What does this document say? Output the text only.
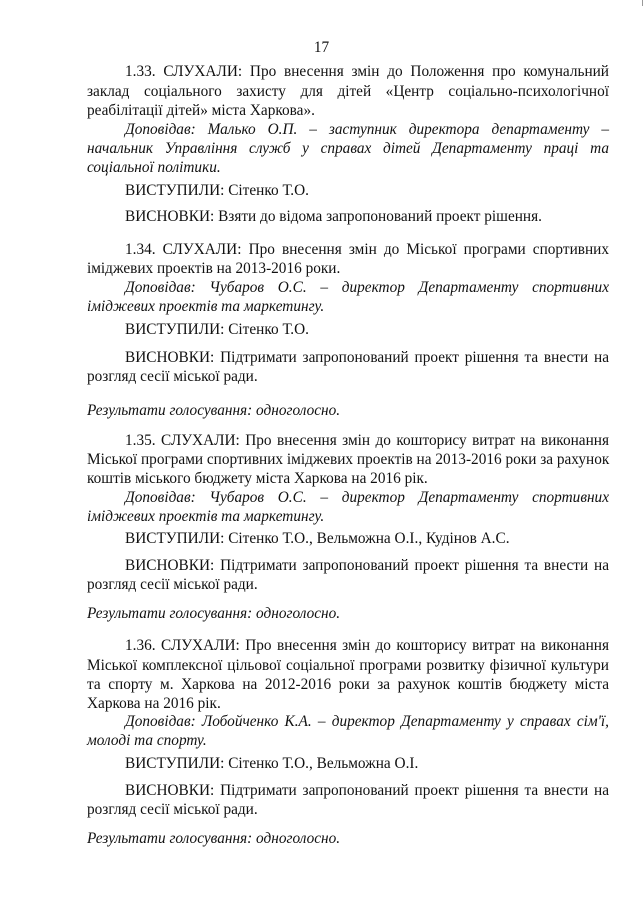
17
1.33. СЛУХАЛИ: Про внесення змін до Положення про комунальний
заклад соціального захисту для дітей «Центр соціально-психологічної
реабілітації дітей» міста Харкова».
Доповідав: Малько О.П. – заступник директора департаменту –
начальник Управління служб у справах дітей Департаменту праці та
соціальної політики.
ВИСТУПИЛИ: Сітенко Т.О.
ВИСНОВКИ: Взяти до відома запропонований проект рішення.
1.34. СЛУХАЛИ: Про внесення змін до Міської програми спортивних
іміджевих проектів на 2013-2016 роки.
Доповідав: Чубаров О.С. – директор Департаменту спортивних
іміджевих проектів та маркетингу.
ВИСТУПИЛИ: Сітенко Т.О.
ВИСНОВКИ: Підтримати запропонований проект рішення та внести на
розгляд сесії міської ради.
Результати голосування: одноголосно.
1.35. СЛУХАЛИ: Про внесення змін до кошторису витрат на виконання
Міської програми спортивних іміджевих проектів на 2013-2016 роки за рахунок
коштів міського бюджету міста Харкова на 2016 рік.
Доповідав: Чубаров О.С. – директор Департаменту спортивних
іміджевих проектів та маркетингу.
ВИСТУПИЛИ: Сітенко Т.О., Вельможна О.І., Кудінов А.С.
ВИСНОВКИ: Підтримати запропонований проект рішення та внести на
розгляд сесії міської ради.
Результати голосування: одноголосно.
1.36. СЛУХАЛИ: Про внесення змін до кошторису витрат на виконання
Міської комплексної цільової соціальної програми розвитку фізичної культури
та спорту м. Харкова на 2012-2016 роки за рахунок коштів бюджету міста
Харкова на 2016 рік.
Доповідав: Лобойченко К.А. – директор Департаменту у справах сім'ї,
молоді та спорту.
ВИСТУПИЛИ: Сітенко Т.О., Вельможна О.І.
ВИСНОВКИ: Підтримати запропонований проект рішення та внести на
розгляд сесії міської ради.
Результати голосування: одноголосно.
